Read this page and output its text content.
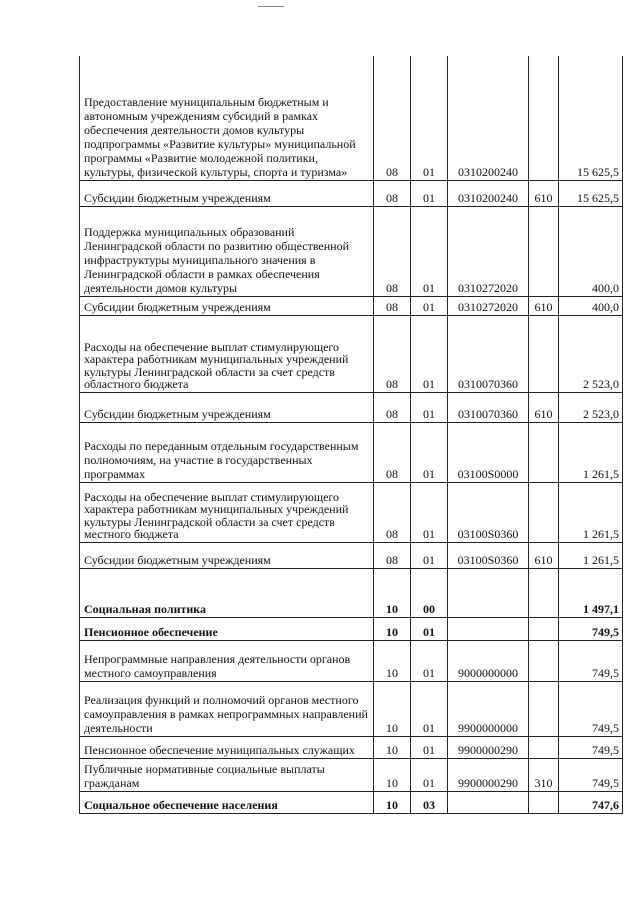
Предоставление муниципальным бюджетным и автономным учреждениям субсидий в рамках обеспечения деятельности домов культуры подпрограммы «Развитие культуры» муниципальной программы «Развитие молодежной политики, культуры, физической культуры, спорта и туризма»	08	01	0310200240		15 625,5
Субсидии бюджетным учреждениям	08	01	0310200240	610	15 625,5
Поддержка муниципальных образований Ленинградской области по развитию общественной инфраструктуры муниципального значения в Ленинградской области в рамках обеспечения деятельности домов культуры	08	01	0310272020		400,0
Субсидии бюджетным учреждениям	08	01	0310272020	610	400,0
Расходы на обеспечение выплат стимулирующего характера работникам муниципальных учреждений культуры Ленинградской области за счет средств областного бюджета	08	01	0310070360		2 523,0
Субсидии бюджетным учреждениям	08	01	0310070360	610	2 523,0
Расходы по переданным отдельным государственным полномочиям, на участие в государственных программах	08	01	03100S0000		1 261,5
Расходы на обеспечение выплат стимулирующего характера работникам муниципальных учреждений культуры Ленинградской области за счет средств местного бюджета	08	01	03100S0360		1 261,5
Субсидии бюджетным учреждениям	08	01	03100S0360	610	1 261,5
Социальная политика	10	00			1 497,1
Пенсионное обеспечение	10	01			749,5
Непрограммные направления деятельности органов местного самоуправления	10	01	9000000000		749,5
Реализация функций и полномочий органов местного самоуправления в рамках непрограммных направлений деятельности	10	01	9900000000		749,5
Пенсионное обеспечение муниципальных служащих	10	01	9900000290		749,5
Публичные нормативные социальные выплаты гражданам	10	01	9900000290	310	749,5
Социальное обеспечение населения	10	03			747,6
